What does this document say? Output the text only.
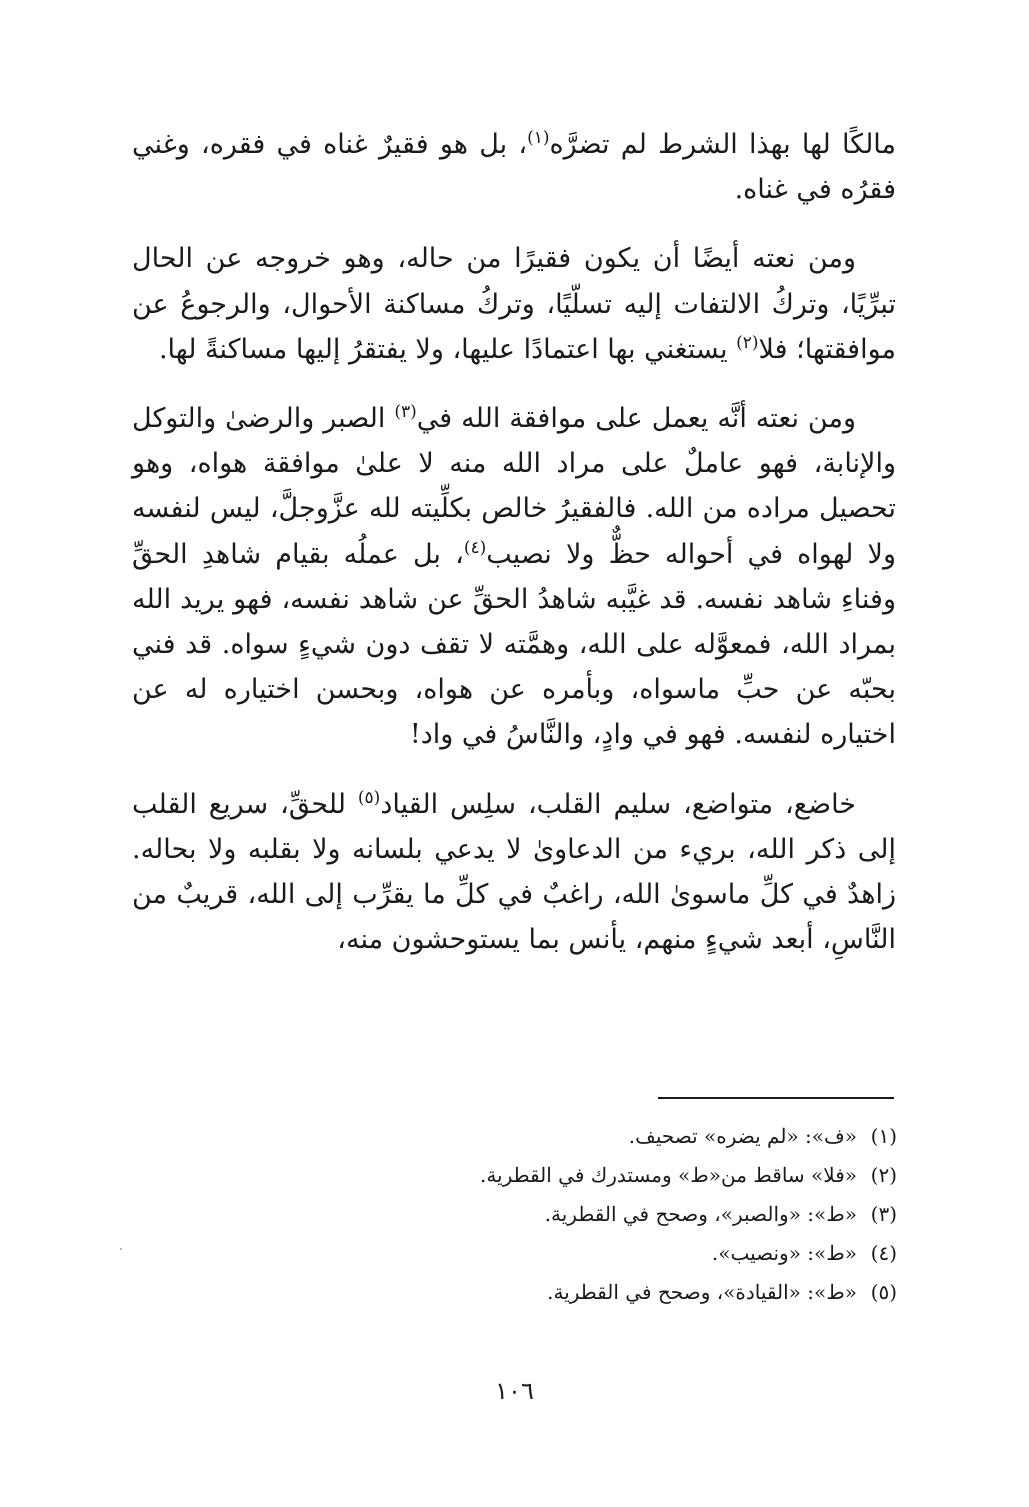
مالكًا لها بهذا الشرط لم تضرَّه$^{(١)}$، بل هو فقيرٌ غناه في فقره، وغني فقرُه في غناه.
ومن نعته أيضًا أن يكون فقيرًا من حاله، وهو خروجه عن الحال تبرِّيًا، وتركُ الالتفات إليه تسلّيًا، وتركُ مساكنة الأحوال، والرجوعُ عن موافقتها؛ فلا$^{(٢)}$ يستغني بها اعتمادًا عليها، ولا يفتقرُ إليها مساكنةً لها.
ومن نعته أنَّه يعمل على موافقة الله في$^{(٣)}$ الصبر والرضىٰ والتوكل والإنابة، فهو عاملٌ على مراد الله منه لا علىٰ موافقة هواه، وهو تحصيل مراده من الله. فالفقيرُ خالص بكلِّيته لله عزَّوجلَّ، ليس لنفسه ولا لهواه في أحواله حظٌّ ولا نصيب$^{(٤)}$، بل عملُه بقيام شاهدِ الحقِّ وفناءِ شاهد نفسه. قد غيَّبه شاهدُ الحقِّ عن شاهد نفسه، فهو يريد الله بمراد الله، فمعوَّله على الله، وهمَّته لا تقف دون شيءٍ سواه. قد فني بحبّه عن حبِّ ماسواه، وبأمره عن هواه، وبحسن اختياره له عن اختياره لنفسه. فهو في وادٍ، والنَّاسُ في واد!
خاضع، متواضع، سليم القلب، سلِس القياد$^{(٥)}$ للحقِّ، سريع القلب إلى ذكر الله، بريء من الدعاوىٰ لا يدعي بلسانه ولا بقلبه ولا بحاله. زاهدٌ في كلِّ ماسوىٰ الله، راغبٌ في كلِّ ما يقرِّب إلى الله، قريبٌ من النَّاسِ، أبعد شيءٍ منهم، يأنس بما يستوحشون منه،
(١)«ف»: «لم يضره» تصحيف.
(٢)«فلا» ساقط من«ط» ومستدرك في القطرية.
(٣)«ط»: «والصبر»، وصحح في القطرية.
(٤)«ط»: «ونصيب».
(٥)«ط»: «القيادة»، وصحح في القطرية.
١٠٦
